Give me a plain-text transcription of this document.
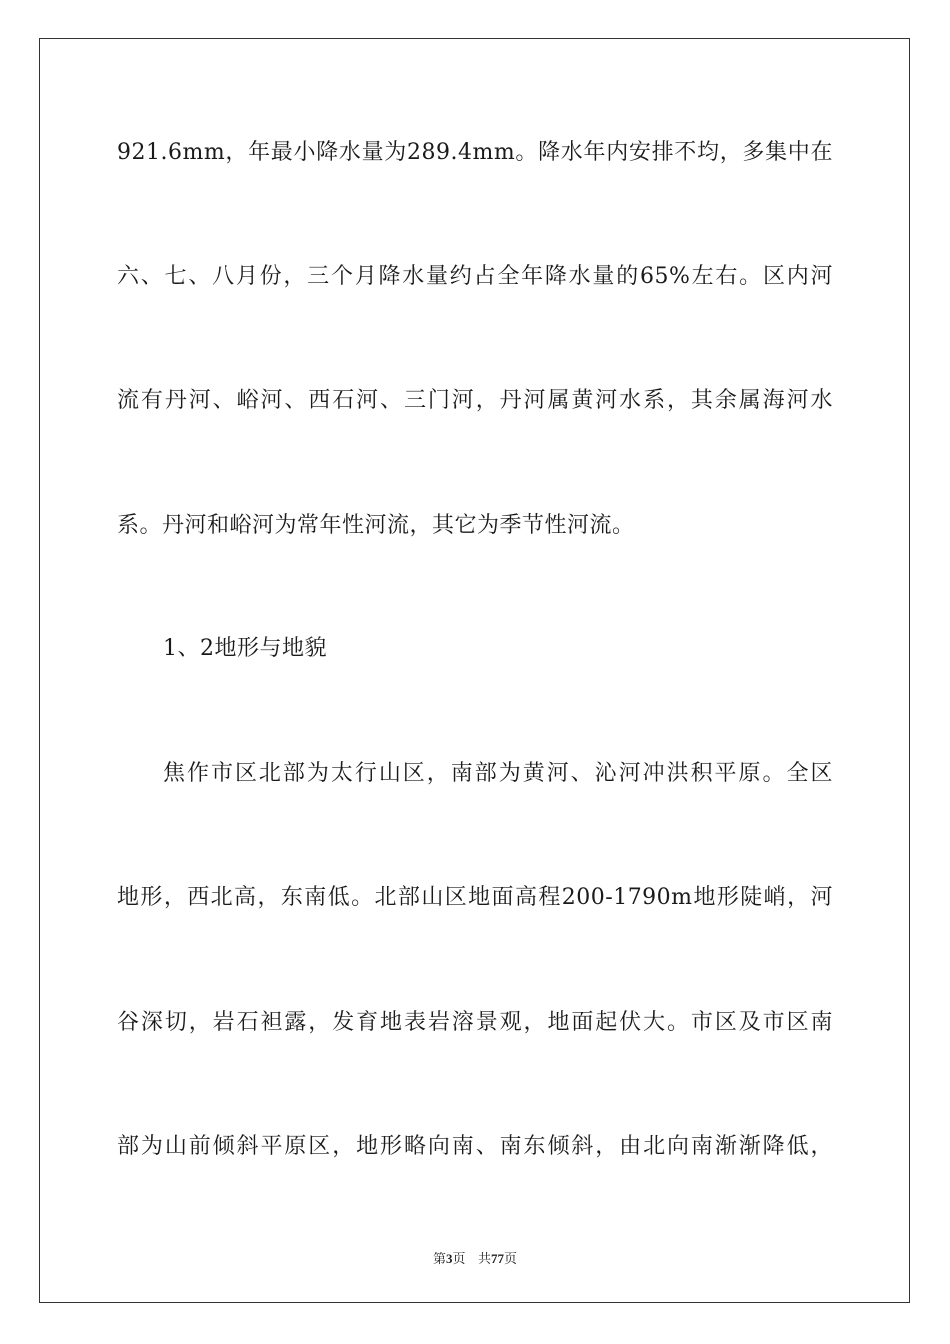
921.6mm，年最小降水量为289.4mm。降水年内安排不均，多集中在
六、七、八月份，三个月降水量约占全年降水量的65%左右。区内河
流有丹河、峪河、西石河、三门河，丹河属黄河水系，其余属海河水
系。丹河和峪河为常年性河流，其它为季节性河流。
1、2地形与地貌
焦作市区北部为太行山区，南部为黄河、沁河冲洪积平原。全区
地形，西北高，东南低。北部山区地面高程200-1790m地形陡峭，河
谷深切，岩石袒露，发育地表岩溶景观，地面起伏大。市区及市区南
部为山前倾斜平原区，地形略向南、南东倾斜，由北向南渐渐降低，
第3页 共77页
